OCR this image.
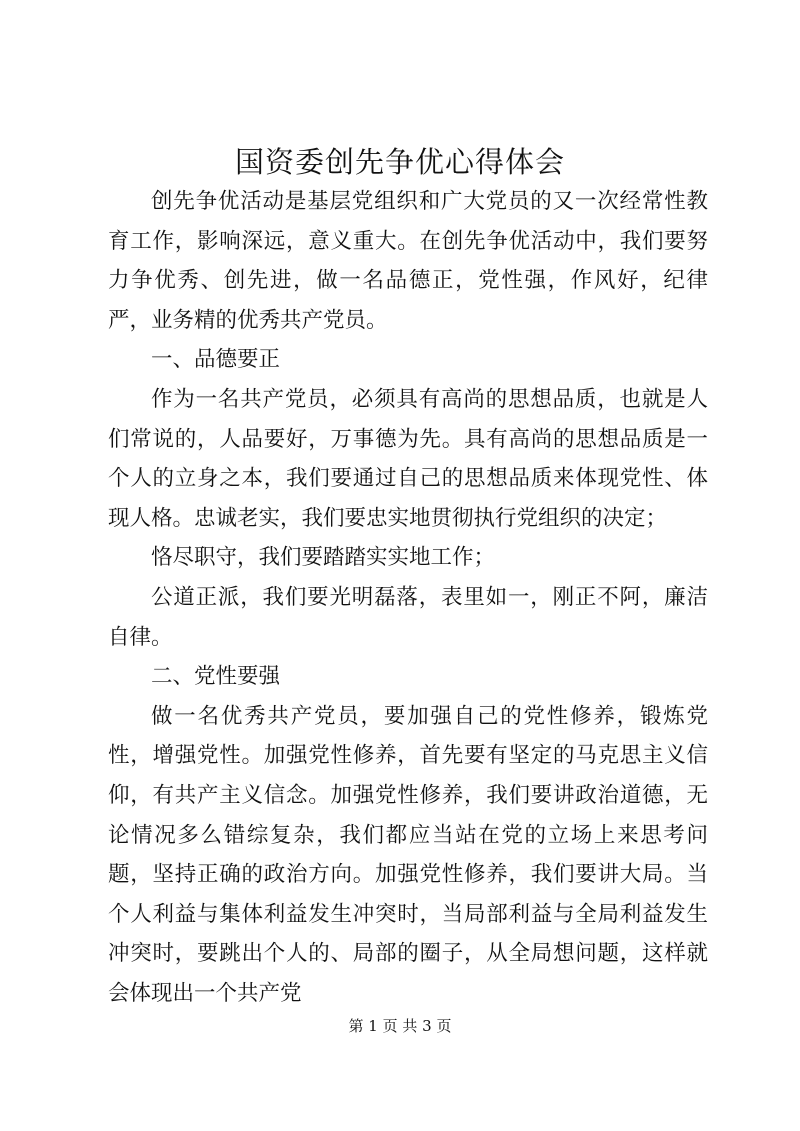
国资委创先争优心得体会

创先争优活动是基层党组织和广大党员的又一次经常性教育工作，影响深远，意义重大。在创先争优活动中，我们要努力争优秀、创先进，做一名品德正，党性强，作风好，纪律严，业务精的优秀共产党员。

一、品德要正

作为一名共产党员，必须具有高尚的思想品质，也就是人们常说的，人品要好，万事德为先。具有高尚的思想品质是一个人的立身之本，我们要通过自己的思想品质来体现党性、体现人格。忠诚老实，我们要忠实地贯彻执行党组织的决定；

恪尽职守，我们要踏踏实实地工作；

公道正派，我们要光明磊落，表里如一，刚正不阿，廉洁自律。

二、党性要强

做一名优秀共产党员，要加强自己的党性修养，锻炼党性，增强党性。加强党性修养，首先要有坚定的马克思主义信仰，有共产主义信念。加强党性修养，我们要讲政治道德，无论情况多么错综复杂，我们都应当站在党的立场上来思考问题，坚持正确的政治方向。加强党性修养，我们要讲大局。当个人利益与集体利益发生冲突时，当局部利益与全局利益发生冲突时，要跳出个人的、局部的圈子，从全局想问题，这样就会体现出一个共产党

第 1 页 共 3 页
